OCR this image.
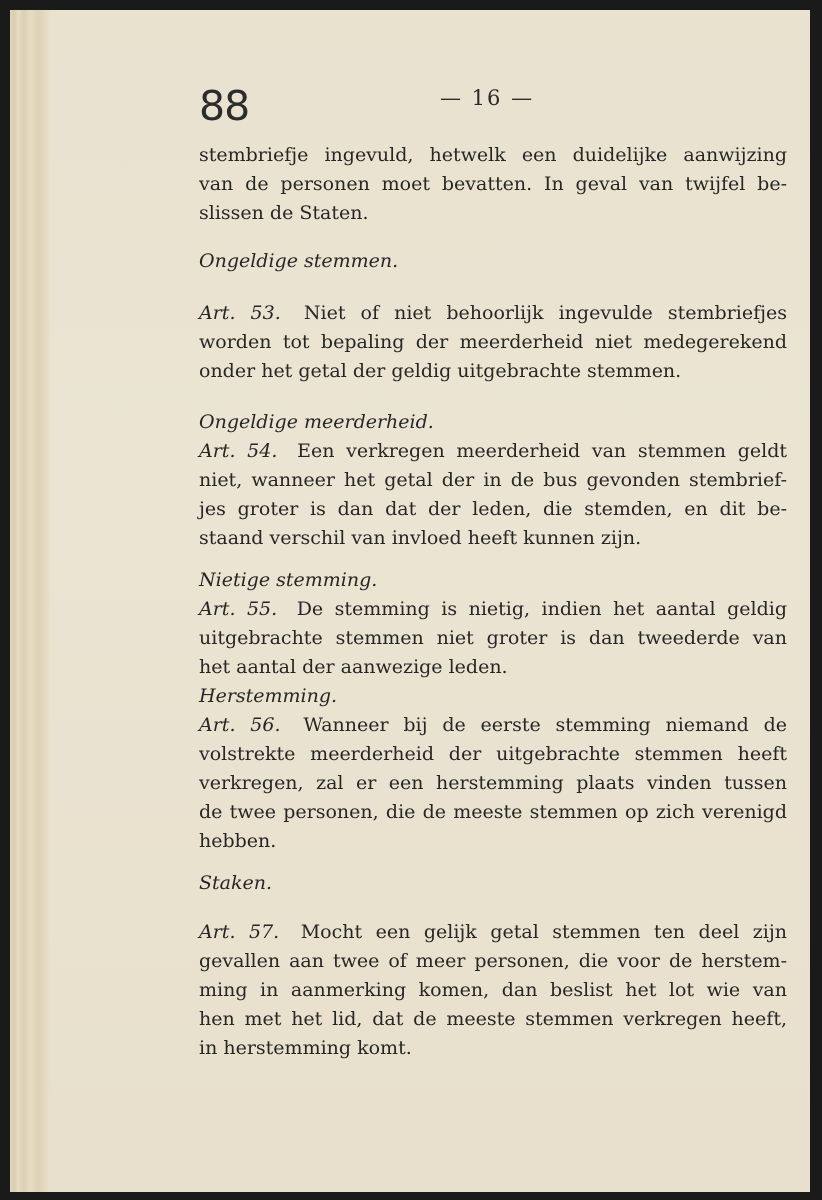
88	— 16 —
stembriefje ingevuld, hetwelk een duidelijke aanwijzing
van de personen moet bevatten. In geval van twijfel be-
slissen de Staten.
Ongeldige stemmen.
Art. 53. Niet of niet behoorlijk ingevulde stembriefjes
worden tot bepaling der meerderheid niet medegerekend
onder het getal der geldig uitgebrachte stemmen.
Ongeldige meerderheid.
Art. 54. Een verkregen meerderheid van stemmen geldt
niet, wanneer het getal der in de bus gevonden stembrief-
jes groter is dan dat der leden, die stemden, en dit be-
staand verschil van invloed heeft kunnen zijn.
Nietige stemming.
Art. 55. De stemming is nietig, indien het aantal geldig
uitgebrachte stemmen niet groter is dan tweederde van
het aantal der aanwezige leden.
Herstemming.
Art. 56. Wanneer bij de eerste stemming niemand de
volstrekte meerderheid der uitgebrachte stemmen heeft
verkregen, zal er een herstemming plaats vinden tussen
de twee personen, die de meeste stemmen op zich verenigd
hebben.
Staken.
Art. 57. Mocht een gelijk getal stemmen ten deel zijn
gevallen aan twee of meer personen, die voor de herstem-
ming in aanmerking komen, dan beslist het lot wie van
hen met het lid, dat de meeste stemmen verkregen heeft,
in herstemming komt.
